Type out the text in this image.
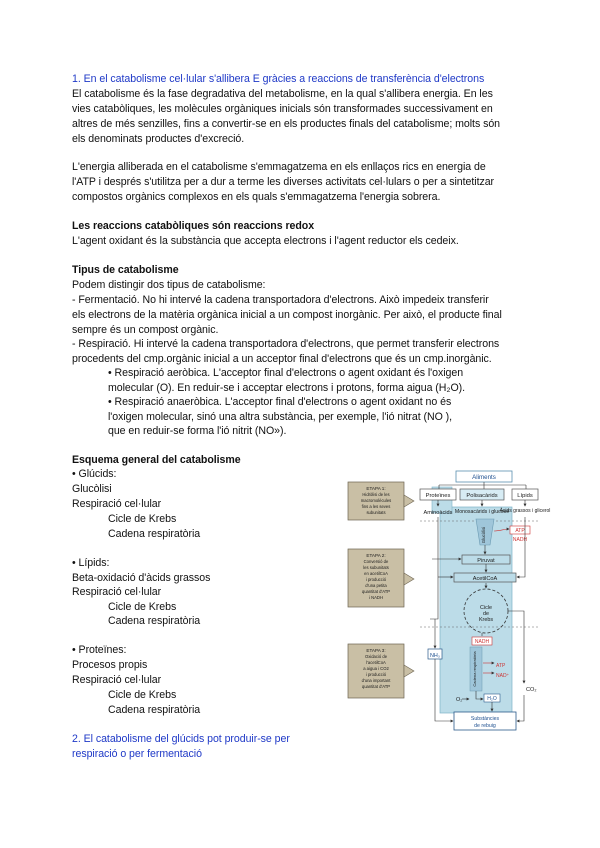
1. En el catabolisme cel·lular s'allibera E gràcies a reaccions de transferència d'electrons
El catabolisme és la fase degradativa del metabolisme, en la qual s'allibera energia. En les
vies catabòliques, les molècules orgàniques inicials són transformades successivament en
altres de més senzilles, fins a convertir-se en els productes finals del catabolisme; molts són
els denominats productes d'excreció.
L'energia alliberada en el catabolisme s'emmagatzema en els enllaços rics en energia de
l'ATP i després s'utilitza per a dur a terme les diverses activitats cel·lulars o per a sintetitzar
compostos orgànics complexos en els quals s'emmagatzema l'energia sobrera.
Les reaccions catabòliques són reaccions redox
L'agent oxidant és la substància que accepta electrons i l'agent reductor els cedeix.
Tipus de catabolisme
Podem distingir dos tipus de catabolisme:
- Fermentació. No hi intervé la cadena transportadora d'electrons. Això impedeix transferir
els electrons de la matèria orgànica inicial a un compost inorgànic. Per això, el producte final
sempre és un compost orgànic.
- Respiració. Hi intervé la cadena transportadora d'electrons, que permet transferir electrons
procedents del cmp.orgànic inicial a un acceptor final d'electrons que és un cmp.inorgànic.
• Respiració aeròbica. L'acceptor final d'electrons o agent oxidant és l'oxigen
molecular (O). En reduir-se i acceptar electrons i protons, forma aigua (H₂O).
• Respiració anaeròbica. L'acceptor final d'electrons o agent oxidant no és
l'oxigen molecular, sinó una altra substància, per exemple, l'ió nitrat (NO ),
que en reduir-se forma l'ió nitrit (NO»).
Esquema general del catabolisme
• Glúcids:
Glucòlisi
Respiració cel·lular
Cicle de Krebs
Cadena respiratòria
• Lípids:
Beta-oxidació d'àcids grassos
Respiració cel·lular
Cicle de Krebs
Cadena respiratòria
• Proteïnes:
Procesos propis
Respiració cel·lular
Cicle de Krebs
Cadena respiratòria
2. El catabolisme del glúcids pot produir-se per
respiració o per fermentació
Aliments
Proteïnes	Polisacàrids	Lípids
Aminoàcids Monosacàrids i glucose
Àcids grassos i glicerol
ETAPA 1:
Hidròlisi de les
macromolècules
fins a les seves
subunitats
ETAPA 2:
Conversió de
les subunitats
en acetilCoA
i producció
d'una petita
quantitat d'ATP
i NADH
ETAPA 3:
Oxidació de
l'acetilCoA
a aigua i CO2
i producció
d'una important
quantitat d'ATP
Glucòlisi	ATP
NADH
Piruvat
AcetilCoA
Cicle
de
Krebs
CO₂
NH₃
NADH
Cadena respiratòria	ATP
NAD⁺
O₂	H₂O
Substàncies
de rebuig
